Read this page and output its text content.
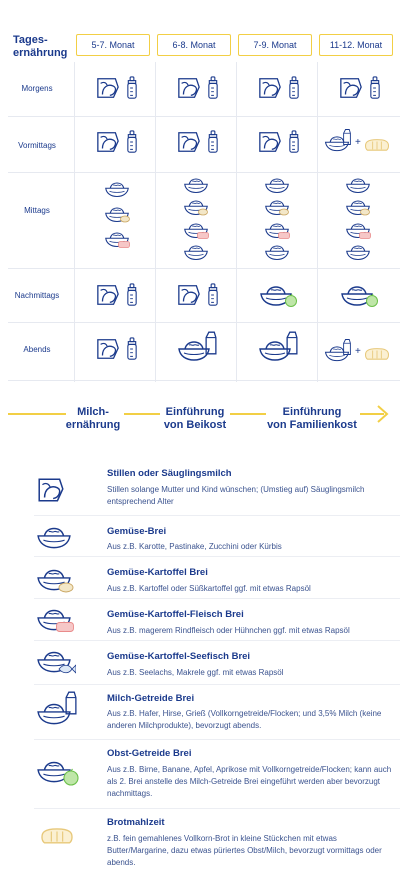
Tages-
ernährung
5-7. Monat	6-8. Monat	7-9. Monat	11-12. Monat
Morgens
Vormittags
Mittags
Nachmittags
Abends
+
+
Milch-
ernährung
Einführung
von Beikost
Einführung
von Familienkost
Stillen oder Säuglingsmilch
Stillen solange Mutter und Kind wünschen; (Umstieg auf) Säuglingsmilch entsprechend Alter
Gemüse-Brei
Aus z.B. Karotte, Pastinake, Zucchini oder Kürbis
Gemüse-Kartoffel Brei
Aus z.B. Kartoffel oder Süßkartoffel ggf. mit etwas Rapsöl
Gemüse-Kartoffel-Fleisch Brei
Aus z.B. magerem Rindfleisch oder Hühnchen ggf. mit etwas Rapsöl
Gemüse-Kartoffel-Seefisch Brei
Aus z.B. Seelachs, Makrele ggf. mit etwas Rapsöl
Milch-Getreide Brei
Aus z.B. Hafer, Hirse, Grieß (Vollkorngetreide/Flocken; und 3,5% Milch (keine anderen Milchprodukte), bevorzugt abends.
Obst-Getreide Brei
Aus z.B. Birne, Banane, Apfel, Aprikose mit Vollkorngetreide/Flocken; kann auch als 2. Brei anstelle des Milch-Getreide Brei eingeführt werden aber bevorzugt nachmittags.
Brotmahlzeit
z.B. fein gemahlenes Vollkorn-Brot in kleine Stückchen mit etwas Butter/Margarine, dazu etwas püriertes Obst/Milch, bevorzugt vormittags oder abends.
